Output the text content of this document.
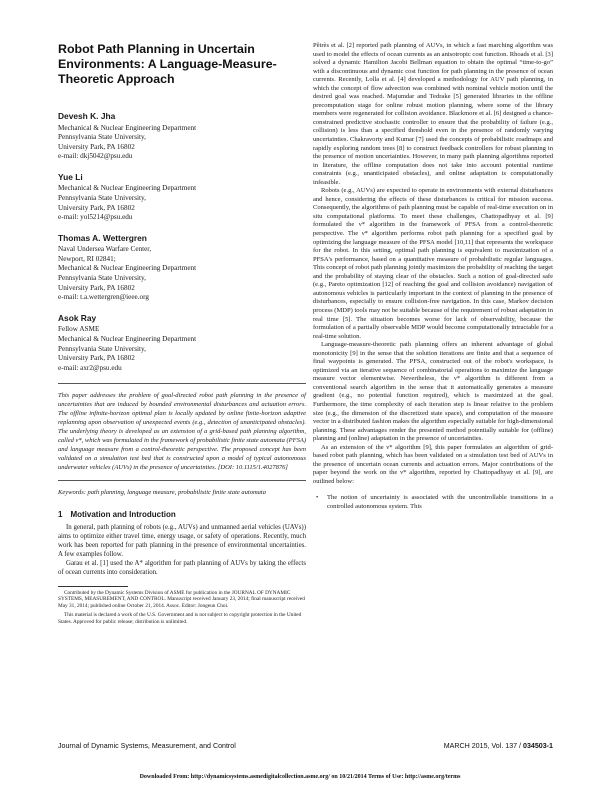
Robot Path Planning in Uncertain Environments: A Language-Measure-Theoretic Approach
Devesh K. Jha
Mechanical & Nuclear Engineering Department
Pennsylvania State University,
University Park, PA 16802
e-mail: dkj5042@psu.edu
Yue Li
Mechanical & Nuclear Engineering Department
Pennsylvania State University,
University Park, PA 16802
e-mail: yol5214@psu.edu
Thomas A. Wettergren
Naval Undersea Warfare Center,
Newport, RI 02841;
Mechanical & Nuclear Engineering Department
Pennsylvania State University,
University Park, PA 16802
e-mail: t.a.wettergren@ieee.org
Asok Ray
Fellow ASME
Mechanical & Nuclear Engineering Department
Pennsylvania State University,
University Park, PA 16802
e-mail: axr2@psu.edu

This paper addresses the problem of goal-directed robot path planning in the presence of uncertainties that are induced by bounded environmental disturbances and actuation errors. The offline infinite-horizon optimal plan is locally updated by online finite-horizon adaptive replanning upon observation of unexpected events (e.g., detection of unanticipated obstacles). The underlying theory is developed as an extension of a grid-based path planning algorithm, called ν*, which was formulated in the framework of probabilistic finite state automata (PFSA) and language measure from a control-theoretic perspective. The proposed concept has been validated on a simulation test bed that is constructed upon a model of typical autonomous underwater vehicles (AUVs) in the presence of uncertainties. [DOI: 10.1115/1.4027876]

Keywords: path planning, language measure, probabilistic finite state automata

1 Motivation and Introduction

In general, path planning of robots (e.g., AUVs) and unmanned aerial vehicles (UAVs)) aims to optimize either travel time, energy usage, or safety of operations. Recently, much work has been reported for path planning in the presence of environmental uncertainties. A few examples follow.

Garau et al. [1] used the A* algorithm for path planning of AUVs by taking the effects of ocean currents into consideration.

Contributed by the Dynamic Systems Division of ASME for publication in the JOURNAL OF DYNAMIC SYSTEMS, MEASUREMENT, AND CONTROL. Manuscript received January 23, 2014; final manuscript received May 31, 2014; published online October 21, 2014. Assoc. Editor: Jongeun Choi.

This material is declared a work of the U.S. Government and is not subject to copyright protection in the United States. Approved for public release; distribution is unlimited.

Pêtrès et al. [2] reported path planning of AUVs, in which a fast marching algorithm was used to model the effects of ocean currents as an anisotropic cost function. Rhoads et al. [3] solved a dynamic Hamilton Jacobi Bellman equation to obtain the optimal “time-to-go” with a discontinuous and dynamic cost function for path planning in the presence of ocean currents. Recently, Lolla et al. [4] developed a methodology for AUV path planning, in which the concept of flow advection was combined with nominal vehicle motion until the desired goal was reached. Majumdar and Tedrake [5] generated libraries in the offline precomputation stage for online robust motion planning, where some of the library members were regenerated for collision avoidance. Blackmore et al. [6] designed a chance-constrained predictive stochastic controller to ensure that the probability of failure (e.g., collision) is less than a specified threshold even in the presence of randomly varying uncertainties. Chakravorty and Kumar [7] used the concepts of probabilistic roadmaps and rapidly exploring random trees [8] to construct feedback controllers for robust planning in the presence of motion uncertainties. However, in many path planning algorithms reported in literature, the offline computation does not take into account potential runtime constraints (e.g., unanticipated obstacles), and online adaptation is computationally infeasible.

Robots (e.g., AUVs) are expected to operate in environments with external disturbances and hence, considering the effects of these disturbances is critical for mission success. Consequently, the algorithms of path planning must be capable of real-time execution on in situ computational platforms. To meet these challenges, Chattopadhyay et al. [9] formulated the ν* algorithm in the framework of PFSA from a control-theoretic perspective. The ν* algorithm performs robot path planning for a specified goal by optimizing the language measure of the PFSA model [10,11] that represents the workspace for the robot. In this setting, optimal path planning is equivalent to maximization of a PFSA's performance, based on a quantitative measure of probabilistic regular languages. This concept of robot path planning jointly maximizes the probability of reaching the target and the probability of staying clear of the obstacles. Such a notion of goal-directed safe (e.g., Pareto optimization [12] of reaching the goal and collision avoidance) navigation of autonomous vehicles is particularly important in the context of planning in the presence of disturbances, especially to ensure collision-free navigation. In this case, Markov decision process (MDP) tools may not be suitable because of the requirement of robust adaptation in real time [5]. The situation becomes worse for lack of observability, because the formulation of a partially observable MDP would become computationally intractable for a real-time solution.

Language-measure-theoretic path planning offers an inherent advantage of global monotonicity [9] in the sense that the solution iterations are finite and that a sequence of final waypoints is generated. The PFSA, constructed out of the robot's workspace, is optimized via an iterative sequence of combinatorial operations to maximize the language measure vector elementwise. Nevertheless, the ν* algorithm is different from a conventional search algorithm in the sense that it automatically generates a measure gradient (e.g., no potential function required), which is maximized at the goal. Furthermore, the time complexity of each iteration step is linear relative to the problem size (e.g., the dimension of the discretized state space), and computation of the measure vector in a distributed fashion makes the algorithm especially suitable for high-dimensional planning. These advantages render the presented method potentially suitable for (offline) planning and (online) adaptation in the presence of uncertainties.

As an extension of the ν* algorithm [9], this paper formulates an algorithm of grid-based robot path planning, which has been validated on a simulation test bed of AUVs in the presence of uncertain ocean currents and actuation errors. Major contributions of the paper beyond the work on the ν* algorithm, reported by Chattopadhyay et al. [9], are outlined below:

• The notion of uncertainty is associated with the uncontrollable transitions in a controlled autonomous system. This
Journal of Dynamic Systems, Measurement, and Control	MARCH 2015, Vol. 137 / 034503-1
Downloaded From: http://dynamicsystems.asmedigitalcollection.asme.org/ on 10/21/2014 Terms of Use: http://asme.org/terms
